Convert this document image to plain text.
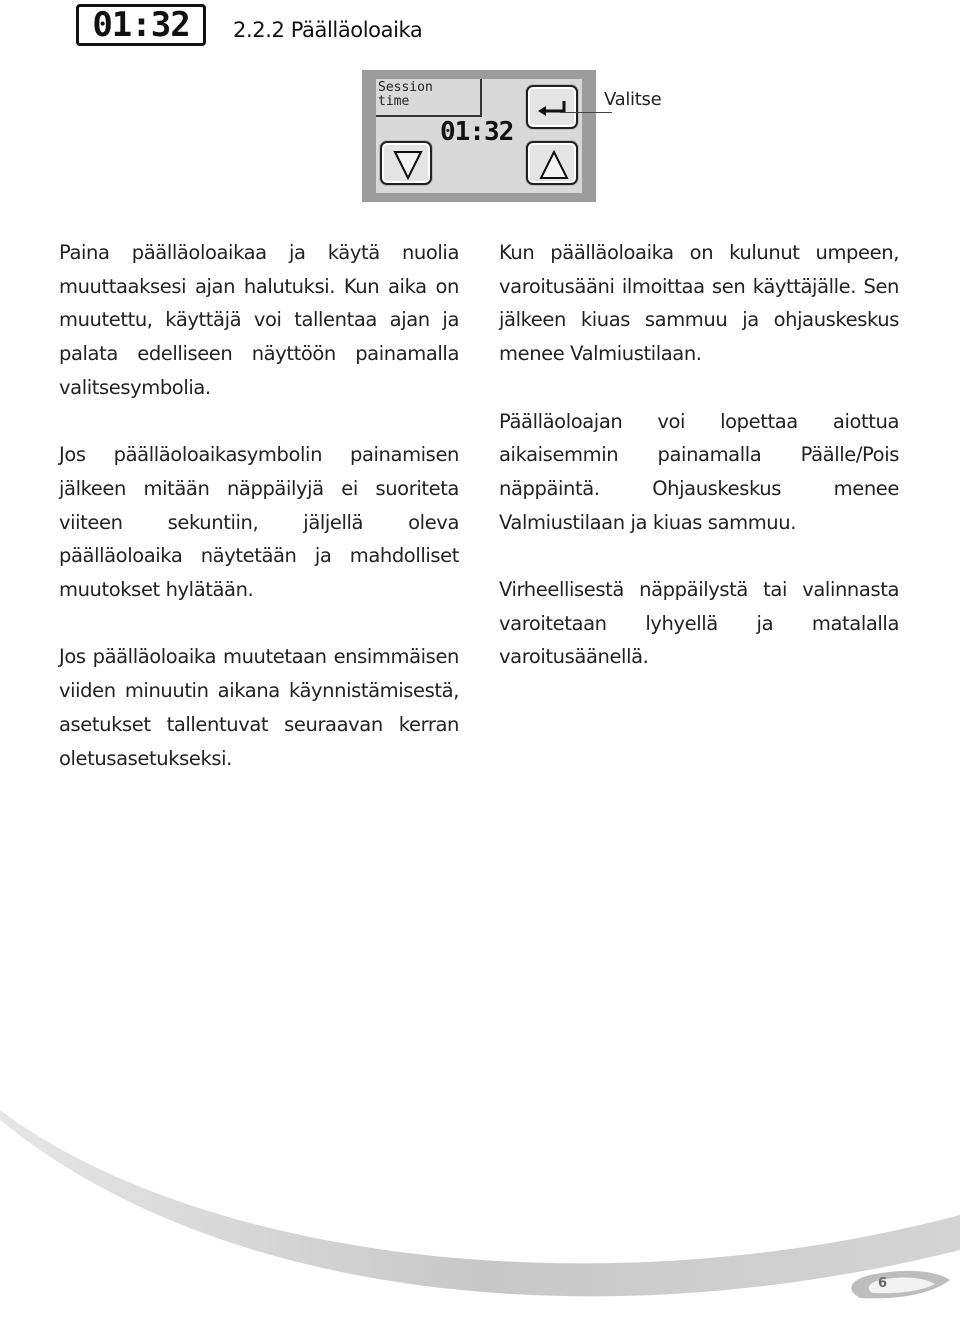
01:32 2.2.2 Päälläoloaika
Session time
01:32
Valitse

Paina päälläoloaikaa ja käytä nuolia muuttaaksesi ajan halutuksi. Kun aika on muutettu, käyttäjä voi tallentaa ajan ja palata edelliseen näyttöön painamalla valitsesymbolia.

Jos päälläoloaikasymbolin painamisen jälkeen mitään näppäilyjä ei suoriteta viiteen sekuntiin, jäljellä oleva päälläoloaika näytetään ja mahdolliset muutokset hylätään.

Jos päälläoloaika muutetaan ensimmäisen viiden minuutin aikana käynnistämisestä, asetukset tallentuvat seuraavan kerran oletusasetukseksi.

Kun päälläoloaika on kulunut umpeen, varoitusääni ilmoittaa sen käyttäjälle. Sen jälkeen kiuas sammuu ja ohjauskeskus menee Valmiustilaan.

Päälläoloajan voi lopettaa aiottua aikaisemmin painamalla Päälle/Pois näppäintä. Ohjauskeskus menee Valmiustilaan ja kiuas sammuu.

Virheellisestä näppäilystä tai valinnasta varoitetaan lyhyellä ja matalalla varoitusäänellä.

6
